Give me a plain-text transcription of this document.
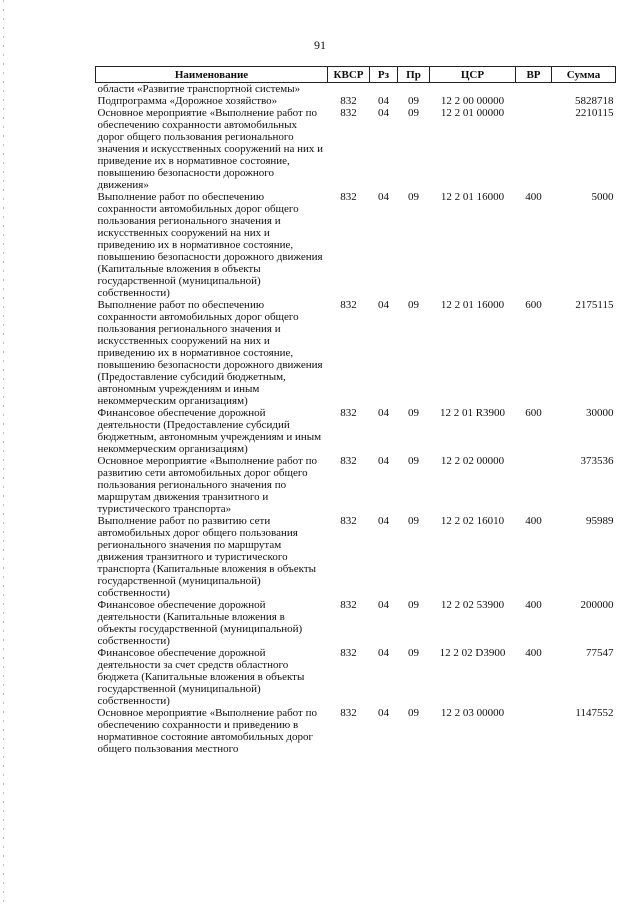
91
Наименование	КВСР	Рз	Пр	ЦСР	ВР	Сумма
области «Развитие транспортной системы»						
Подпрограмма «Дорожное хозяйство»	832	04	09	12 2 00 00000		5828718
Основное мероприятие «Выполнение работ по обеспечению сохранности автомобильных дорог общего пользования регионального значения и искусственных сооружений на них и приведение их в нормативное состояние, повышению безопасности дорожного движения»	832	04	09	12 2 01 00000		2210115
Выполнение работ по обеспечению сохранности автомобильных дорог общего пользования регионального значения и искусственных сооружений на них и приведению их в нормативное состояние, повышению безопасности дорожного движения (Капитальные вложения в объекты государственной (муниципальной) собственности)	832	04	09	12 2 01 16000	400	5000
Выполнение работ по обеспечению сохранности автомобильных дорог общего пользования регионального значения и искусственных сооружений на них и приведению их в нормативное состояние, повышению безопасности дорожного движения (Предоставление субсидий бюджетным, автономным учреждениям и иным некоммерческим организациям)	832	04	09	12 2 01 16000	600	2175115
Финансовое обеспечение дорожной деятельности (Предоставление субсидий бюджетным, автономным учреждениям и иным некоммерческим организациям)	832	04	09	12 2 01 R3900	600	30000
Основное мероприятие «Выполнение работ по развитию сети автомобильных дорог общего пользования регионального значения по маршрутам движения транзитного и туристического транспорта»	832	04	09	12 2 02 00000		373536
Выполнение работ по развитию сети автомобильных дорог общего пользования регионального значения по маршрутам движения транзитного и туристического транспорта (Капитальные вложения в объекты государственной (муниципальной) собственности)	832	04	09	12 2 02 16010	400	95989
Финансовое обеспечение дорожной деятельности (Капитальные вложения в объекты государственной (муниципальной) собственности)	832	04	09	12 2 02 53900	400	200000
Финансовое обеспечение дорожной деятельности за счет средств областного бюджета (Капитальные вложения в объекты государственной (муниципальной) собственности)	832	04	09	12 2 02 D3900	400	77547
Основное мероприятие «Выполнение работ по обеспечению сохранности и приведению в нормативное состояние автомобильных дорог общего пользования местного	832	04	09	12 2 03 00000		1147552
